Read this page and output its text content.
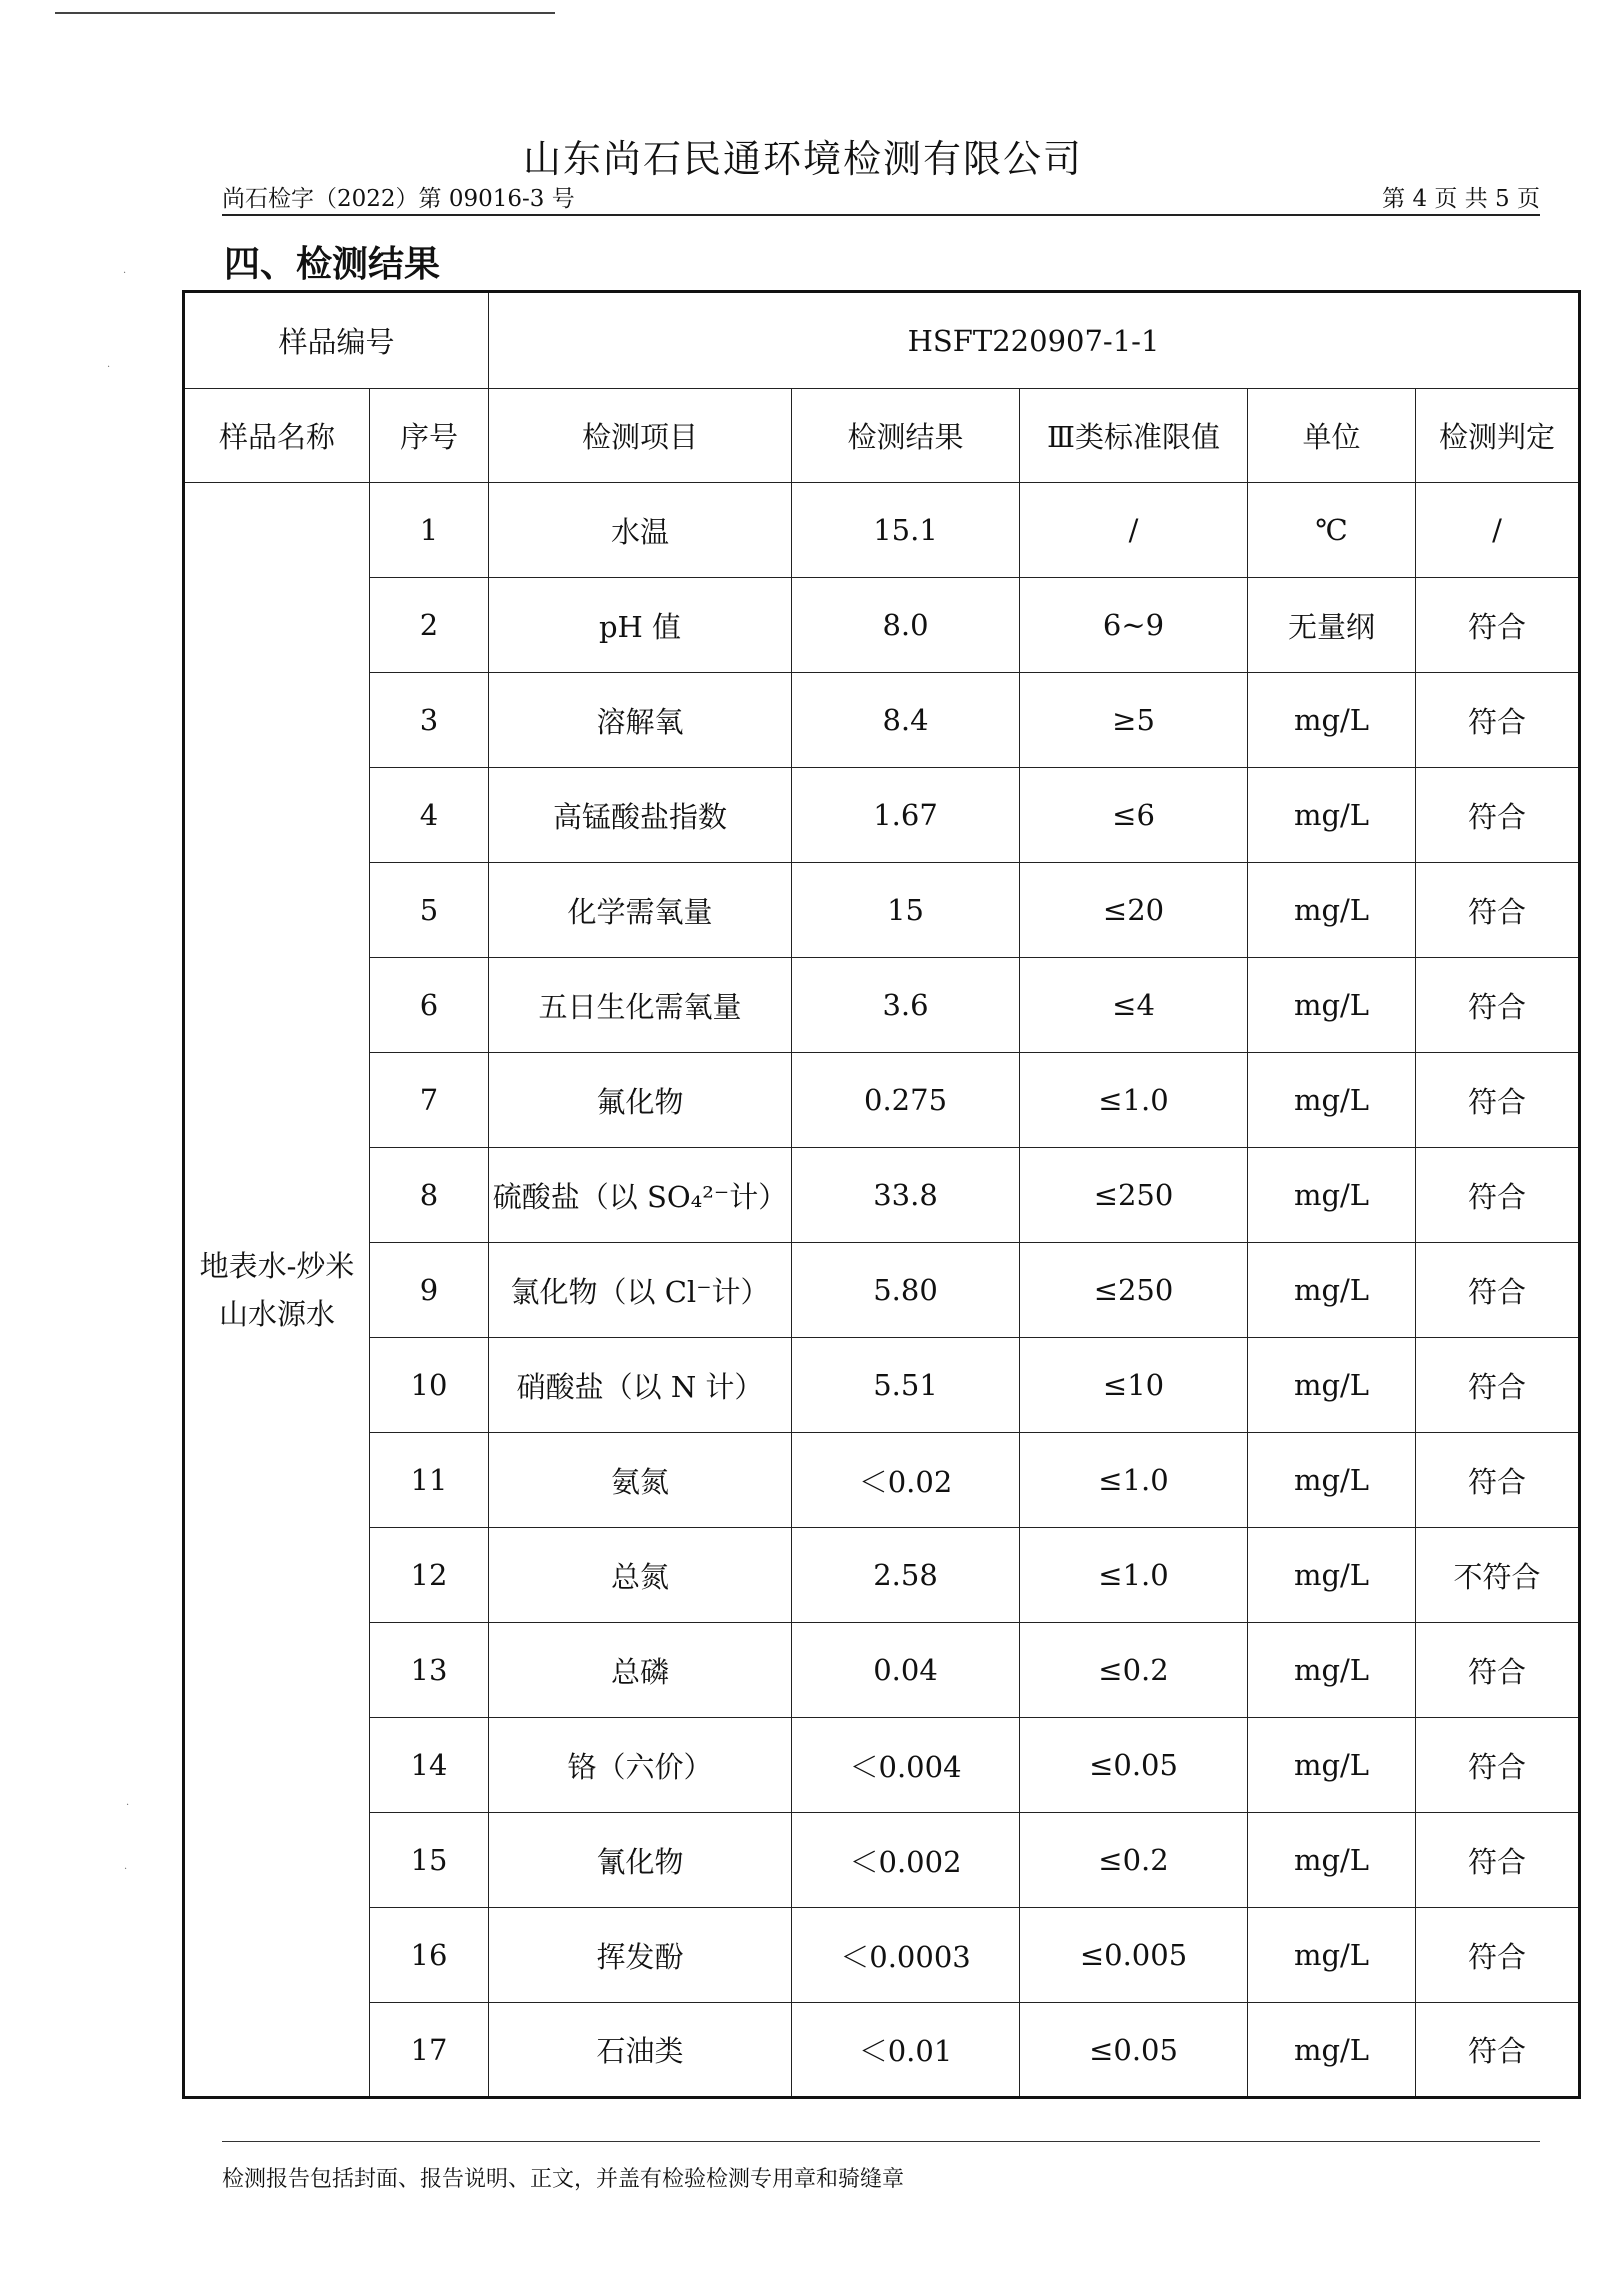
山东尚石民通环境检测有限公司
尚石检字（2022）第 09016-3 号	第 4 页 共 5 页
四、检测结果
样品编号		HSFT220907-1-1				
样品名称	序号	检测项目	检测结果	Ⅲ类标准限值	单位	检测判定
地表水-炒米山水源水	1	水温	15.1	/	℃	/
	2	pH 值	8.0	6~9	无量纲	符合
	3	溶解氧	8.4	≥5	mg/L	符合
	4	高锰酸盐指数	1.67	≤6	mg/L	符合
	5	化学需氧量	15	≤20	mg/L	符合
	6	五日生化需氧量	3.6	≤4	mg/L	符合
	7	氟化物	0.275	≤1.0	mg/L	符合
	8	硫酸盐（以 SO₄²⁻计）	33.8	≤250	mg/L	符合
	9	氯化物（以 Cl⁻计）	5.80	≤250	mg/L	符合
	10	硝酸盐（以 N 计）	5.51	≤10	mg/L	符合
	11	氨氮	＜0.02	≤1.0	mg/L	符合
	12	总氮	2.58	≤1.0	mg/L	不符合
	13	总磷	0.04	≤0.2	mg/L	符合
	14	铬（六价）	＜0.004	≤0.05	mg/L	符合
	15	氰化物	＜0.002	≤0.2	mg/L	符合
	16	挥发酚	＜0.0003	≤0.005	mg/L	符合
	17	石油类	＜0.01	≤0.05	mg/L	符合
检测报告包括封面、报告说明、正文，并盖有检验检测专用章和骑缝章
·
·
·
·
